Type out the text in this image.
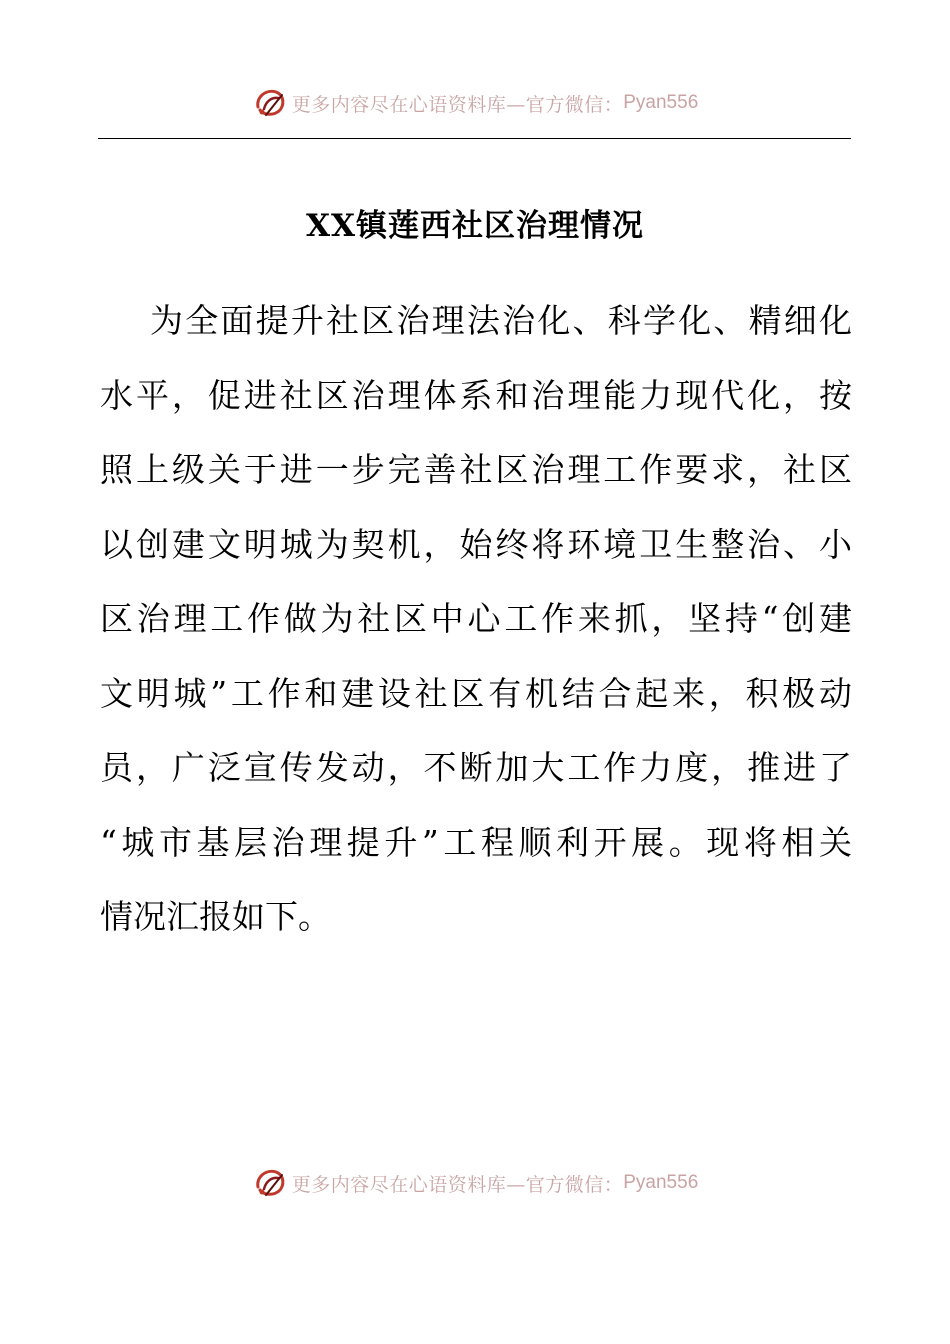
更多内容尽在心语资料库—官方微信： Pyan556
XX镇莲西社区治理情况
为全面提升社区治理法治化、科学化、精细化
水平，促进社区治理体系和治理能力现代化，按
照上级关于进一步完善社区治理工作要求，社区
以创建文明城为契机，始终将环境卫生整治、小
区治理工作做为社区中心工作来抓，坚持“创建
文明城”工作和建设社区有机结合起来，积极动
员，广泛宣传发动，不断加大工作力度，推进了
“城市基层治理提升”工程顺利开展。现将相关
情况汇报如下。
更多内容尽在心语资料库—官方微信： Pyan556
